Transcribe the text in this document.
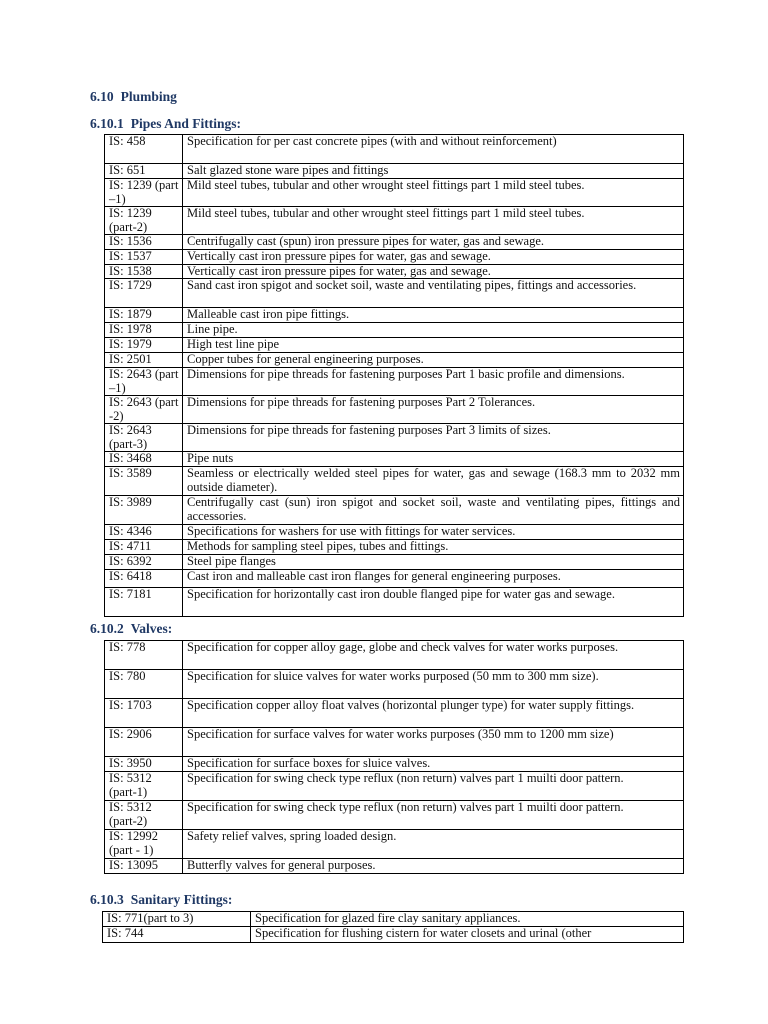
6.10 Plumbing
6.10.1 Pipes And Fittings:
IS: 458	Specification for per cast concrete pipes (with and without reinforcement)
IS: 651	Salt glazed stone ware pipes and fittings
IS: 1239 (part –1)	Mild steel tubes, tubular and other wrought steel fittings part 1 mild steel tubes.
IS: 1239 (part-2)	Mild steel tubes, tubular and other wrought steel fittings part 1 mild steel tubes.
IS: 1536	Centrifugally cast (spun) iron pressure pipes for water, gas and sewage.
IS: 1537	Vertically cast iron pressure pipes for water, gas and sewage.
IS: 1538	Vertically cast iron pressure pipes for water, gas and sewage.
IS: 1729	Sand cast iron spigot and socket soil, waste and ventilating pipes, fittings and accessories.
IS: 1879	Malleable cast iron pipe fittings.
IS: 1978	Line pipe.
IS: 1979	High test line pipe
IS: 2501	Copper tubes for general engineering purposes.
IS: 2643 (part –1)	Dimensions for pipe threads for fastening purposes Part 1 basic profile and dimensions.
IS: 2643 (part -2)	Dimensions for pipe threads for fastening purposes Part 2 Tolerances.
IS: 2643 (part-3)	Dimensions for pipe threads for fastening purposes Part 3 limits of sizes.
IS: 3468	Pipe nuts
IS: 3589	Seamless or electrically welded steel pipes for water, gas and sewage (168.3 mm to 2032 mm outside diameter).
IS: 3989	Centrifugally cast (sun) iron spigot and socket soil, waste and ventilating pipes, fittings and accessories.
IS: 4346	Specifications for washers for use with fittings for water services.
IS: 4711	Methods for sampling steel pipes, tubes and fittings.
IS: 6392	Steel pipe flanges
IS: 6418	Cast iron and malleable cast iron flanges for general engineering purposes.
IS: 7181	Specification for horizontally cast iron double flanged pipe for water gas and sewage.
6.10.2 Valves:
IS: 778	Specification for copper alloy gage, globe and check valves for water works purposes.
IS: 780	Specification for sluice valves for water works purposed (50 mm to 300 mm size).
IS: 1703	Specification copper alloy float valves (horizontal plunger type) for water supply fittings.
IS: 2906	Specification for surface valves for water works purposes (350 mm to 1200 mm size)
IS: 3950	Specification for surface boxes for sluice valves.
IS: 5312 (part-1)	Specification for swing check type reflux (non return) valves part 1 muilti door pattern.
IS: 5312 (part-2)	Specification for swing check type reflux (non return) valves part 1 muilti door pattern.
IS: 12992 (part - 1)	Safety relief valves, spring loaded design.
IS: 13095	Butterfly valves for general purposes.
6.10.3 Sanitary Fittings:
IS: 771(part to 3)	Specification for glazed fire clay sanitary appliances.
IS: 744	Specification for flushing cistern for water closets and urinal (other
